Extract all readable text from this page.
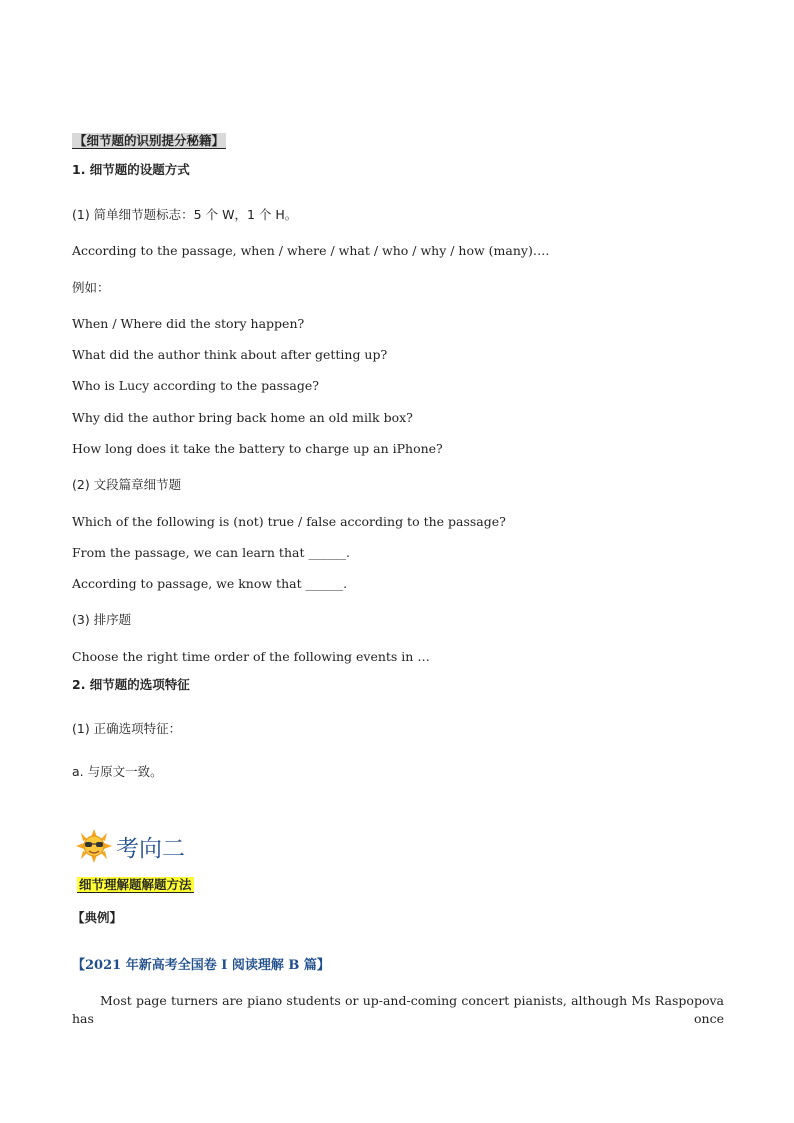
【细节题的识别提分秘籍】
1. 细节题的设题方式
(1) 简单细节题标志：5 个 W，1 个 H。
According to the passage, when / where / what / who / why / how (many)….
例如：
When / Where did the story happen?
What did the author think about after getting up?
Who is Lucy according to the passage?
Why did the author bring back home an old milk box?
How long does it take the battery to charge up an iPhone?
(2) 文段篇章细节题
Which of the following is (not) true / false according to the passage?
From the passage, we can learn that ______.
According to passage, we know that ______.
(3) 排序题
Choose the right time order of the following events in …
2. 细节题的选项特征
(1) 正确选项特征：
a. 与原文一致。
考向二
细节理解题解题方法
【典例】
【2021 年新高考全国卷 I 阅读理解 B 篇】
Most page turners are piano students or up-and-coming concert pianists, although Ms Raspopova has once
